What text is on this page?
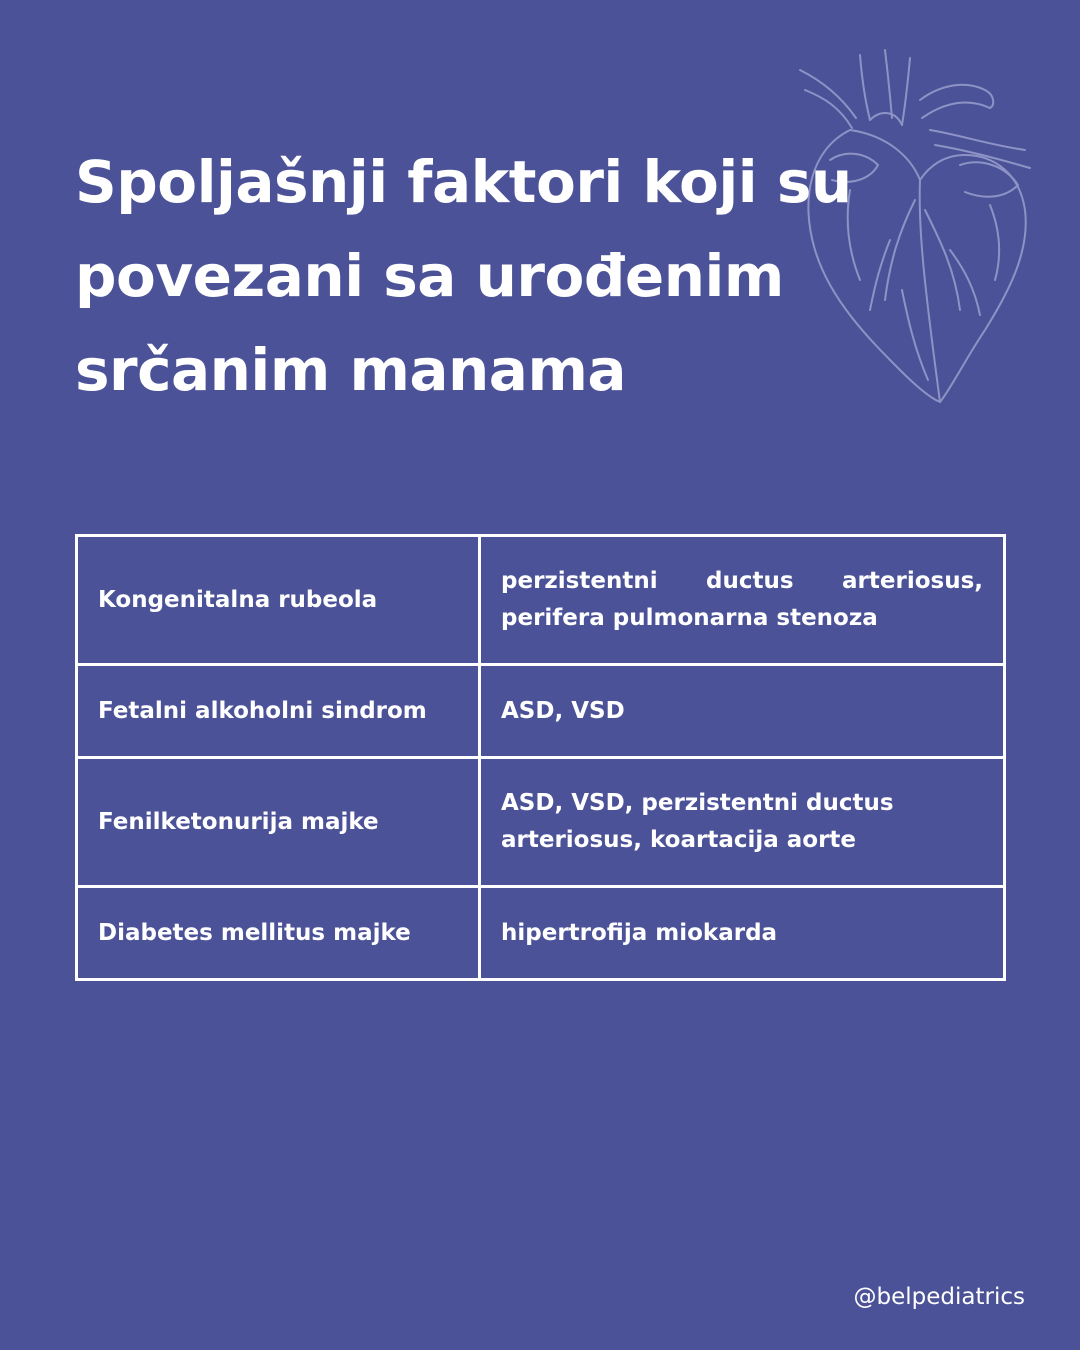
Spoljašnji faktori koji su
povezani sa urođenim
srčanim manama
Kongenitalna rubeola	perzistentni ductus arteriosus, perifera pulmonarna stenoza
Fetalni alkoholni sindrom	ASD, VSD
Fenilketonurija majke	ASD, VSD, perzistentni ductus arteriosus, koartacija aorte
Diabetes mellitus majke	hipertrofija miokarda
@belpediatrics
